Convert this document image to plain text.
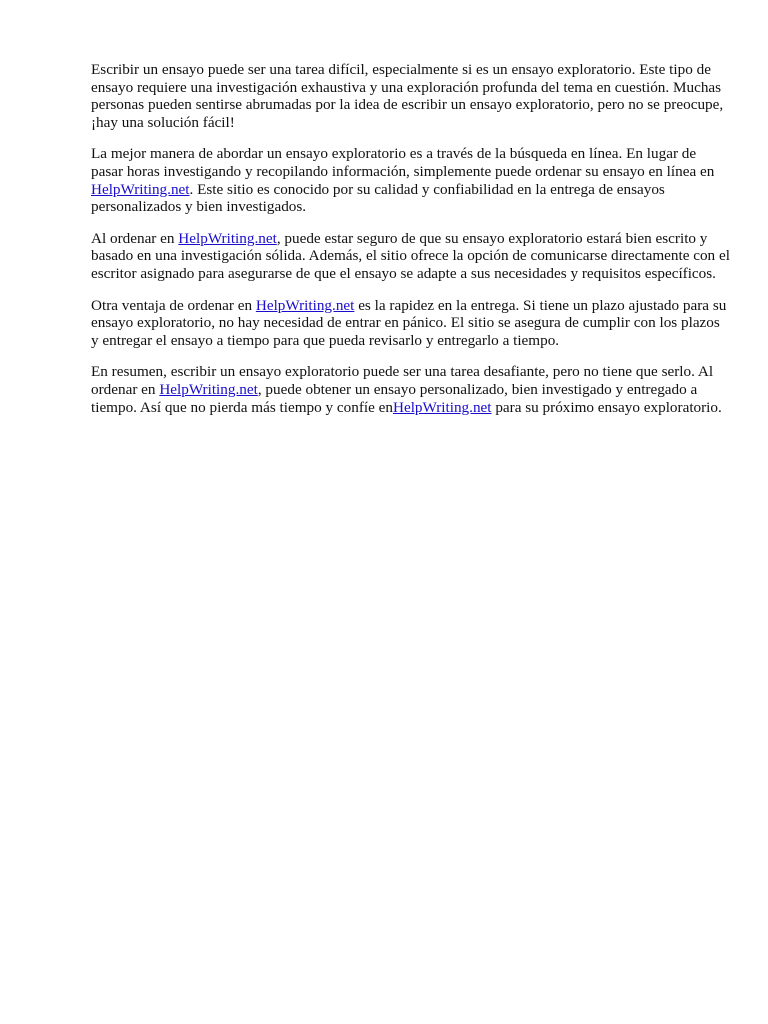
Escribir un ensayo puede ser una tarea difícil, especialmente si es un ensayo exploratorio. Este tipo de ensayo requiere una investigación exhaustiva y una exploración profunda del tema en cuestión. Muchas personas pueden sentirse abrumadas por la idea de escribir un ensayo exploratorio, pero no se preocupe, ¡hay una solución fácil!

La mejor manera de abordar un ensayo exploratorio es a través de la búsqueda en línea. En lugar de pasar horas investigando y recopilando información, simplemente puede ordenar su ensayo en línea en HelpWriting.net. Este sitio es conocido por su calidad y confiabilidad en la entrega de ensayos personalizados y bien investigados.

Al ordenar en HelpWriting.net, puede estar seguro de que su ensayo exploratorio estará bien escrito y basado en una investigación sólida. Además, el sitio ofrece la opción de comunicarse directamente con el escritor asignado para asegurarse de que el ensayo se adapte a sus necesidades y requisitos específicos.

Otra ventaja de ordenar en HelpWriting.net es la rapidez en la entrega. Si tiene un plazo ajustado para su ensayo exploratorio, no hay necesidad de entrar en pánico. El sitio se asegura de cumplir con los plazos y entregar el ensayo a tiempo para que pueda revisarlo y entregarlo a tiempo.

En resumen, escribir un ensayo exploratorio puede ser una tarea desafiante, pero no tiene que serlo. Al ordenar en HelpWriting.net, puede obtener un ensayo personalizado, bien investigado y entregado a tiempo. Así que no pierda más tiempo y confíe enHelpWriting.net para su próximo ensayo exploratorio.
